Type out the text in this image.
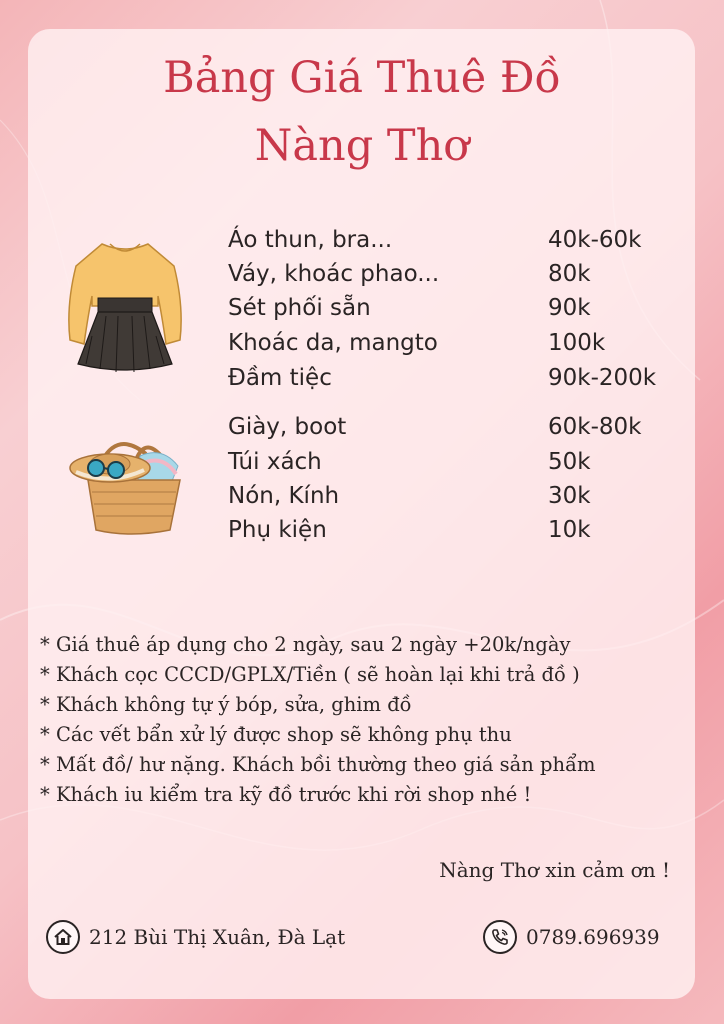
Bảng Giá Thuê Đồ
Nàng Thơ
Áo thun, bra...	40k-60k
Váy, khoác phao...	80k
Sét phối sẵn	90k
Khoác da, mangto	100k
Đầm tiệc	90k-200k
Giày, boot	60k-80k
Túi xách	50k
Nón, Kính	30k
Phụ kiện	10k
* Giá thuê áp dụng cho 2 ngày, sau 2 ngày +20k/ngày
* Khách cọc CCCD/GPLX/Tiền ( sẽ hoàn lại khi trả đồ )
* Khách không tự ý bóp, sửa, ghim đồ
* Các vết bẩn xử lý được shop sẽ không phụ thu
* Mất đồ/ hư nặng. Khách bồi thường theo giá sản phẩm
* Khách iu kiểm tra kỹ đồ trước khi rời shop nhé !
Nàng Thơ xin cảm ơn !
212 Bùi Thị Xuân, Đà Lạt	0789.696939
